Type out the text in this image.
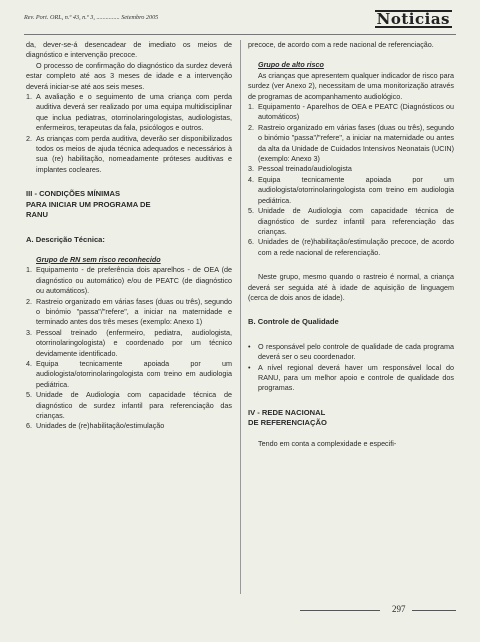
Rev. Port. ORL, n.º 43, n.º 3, ............... Setembro 2005	Noticias

da, dever-se-á desencadear de imediato os meios de diagnóstico e intervenção precoce.

O processo de confirmação do diagnóstico da surdez deverá estar completo até aos 3 meses de idade e a intervenção deverá iniciar-se até aos seis meses.

1. A avaliação e o seguimento de uma criança com perda auditiva deverá ser realizado por uma equipa multidisciplinar que inclua pediatras, otorrinolaringologistas, audiologistas, enfermeiros, terapeutas da fala, psicólogos e outros.
2. As crianças com perda auditiva, deverão ser disponibilizados todos os meios de ajuda técnica adequados e necessários à sua (re) habilitação, nomeadamente próteses auditivas e implantes cocleares.
III - CONDIÇÕES MÍNIMAS
PARA INICIAR UM PROGRAMA DE
RANU
A. Descrição Técnica:

Grupo de RN sem risco reconhecido

1. Equipamento - de preferência dois aparelhos - de OEA (de diagnóstico ou automático) e/ou de PEATC (de diagnóstico ou automáticos).
2. Rastreio organizado em várias fases (duas ou três), segundo o binómio "passa"/"refere", a iniciar na maternidade e terminado antes dos três meses (exemplo: Anexo 1)
3. Pessoal treinado (enfermeiro, pediatra, audiologista, otorrinolaringologista) e coordenado por um técnico devidamente identificado.
4. Equipa tecnicamente apoiada por um audiologista/otorrinolaringologista com treino em audiologia pediátrica.
5. Unidade de Audiologia com capacidade técnica de diagnóstico de surdez infantil para referenciação das crianças.
6. Unidades de (re)habilitação/estimulação

precoce, de acordo com a rede nacional de referenciação.

Grupo de alto risco

As crianças que apresentem qualquer indicador de risco para surdez (ver Anexo 2), necessitam de uma monitorização através de programas de acompanhamento audiológico.

1. Equipamento - Aparelhos de OEA e PEATC (Diagnósticos ou automáticos)
2. Rastreio organizado em várias fases (duas ou três), segundo o binómio "passa"/"refere", a iniciar na maternidade ou antes da alta da Unidade de Cuidados Intensivos Neonatais (UCIN) (exemplo: Anexo 3)
3. Pessoal treinado/audiologista
4. Equipa tecnicamente apoiada por um audiologista/otorrinolaringologista com treino em audiologia pediátrica.
5. Unidade de Audiologia com capacidade técnica de diagnóstico de surdez infantil para referenciação das crianças.
6. Unidades de (re)habilitação/estimulação precoce, de acordo com a rede nacional de referenciação.

Neste grupo, mesmo quando o rastreio é normal, a criança deverá ser seguida até à idade de aquisição de linguagem (cerca de dois anos de idade).

B. Controle de Qualidade
•	O responsável pelo controle de qualidade de cada programa deverá ser o seu coordenador.
•	A nível regional deverá haver um responsável local do RANU, para um melhor apoio e controle de qualidade dos programas.
IV - REDE NACIONAL
DE REFERENCIAÇÃO

Tendo em conta a complexidade e especifi-

297
